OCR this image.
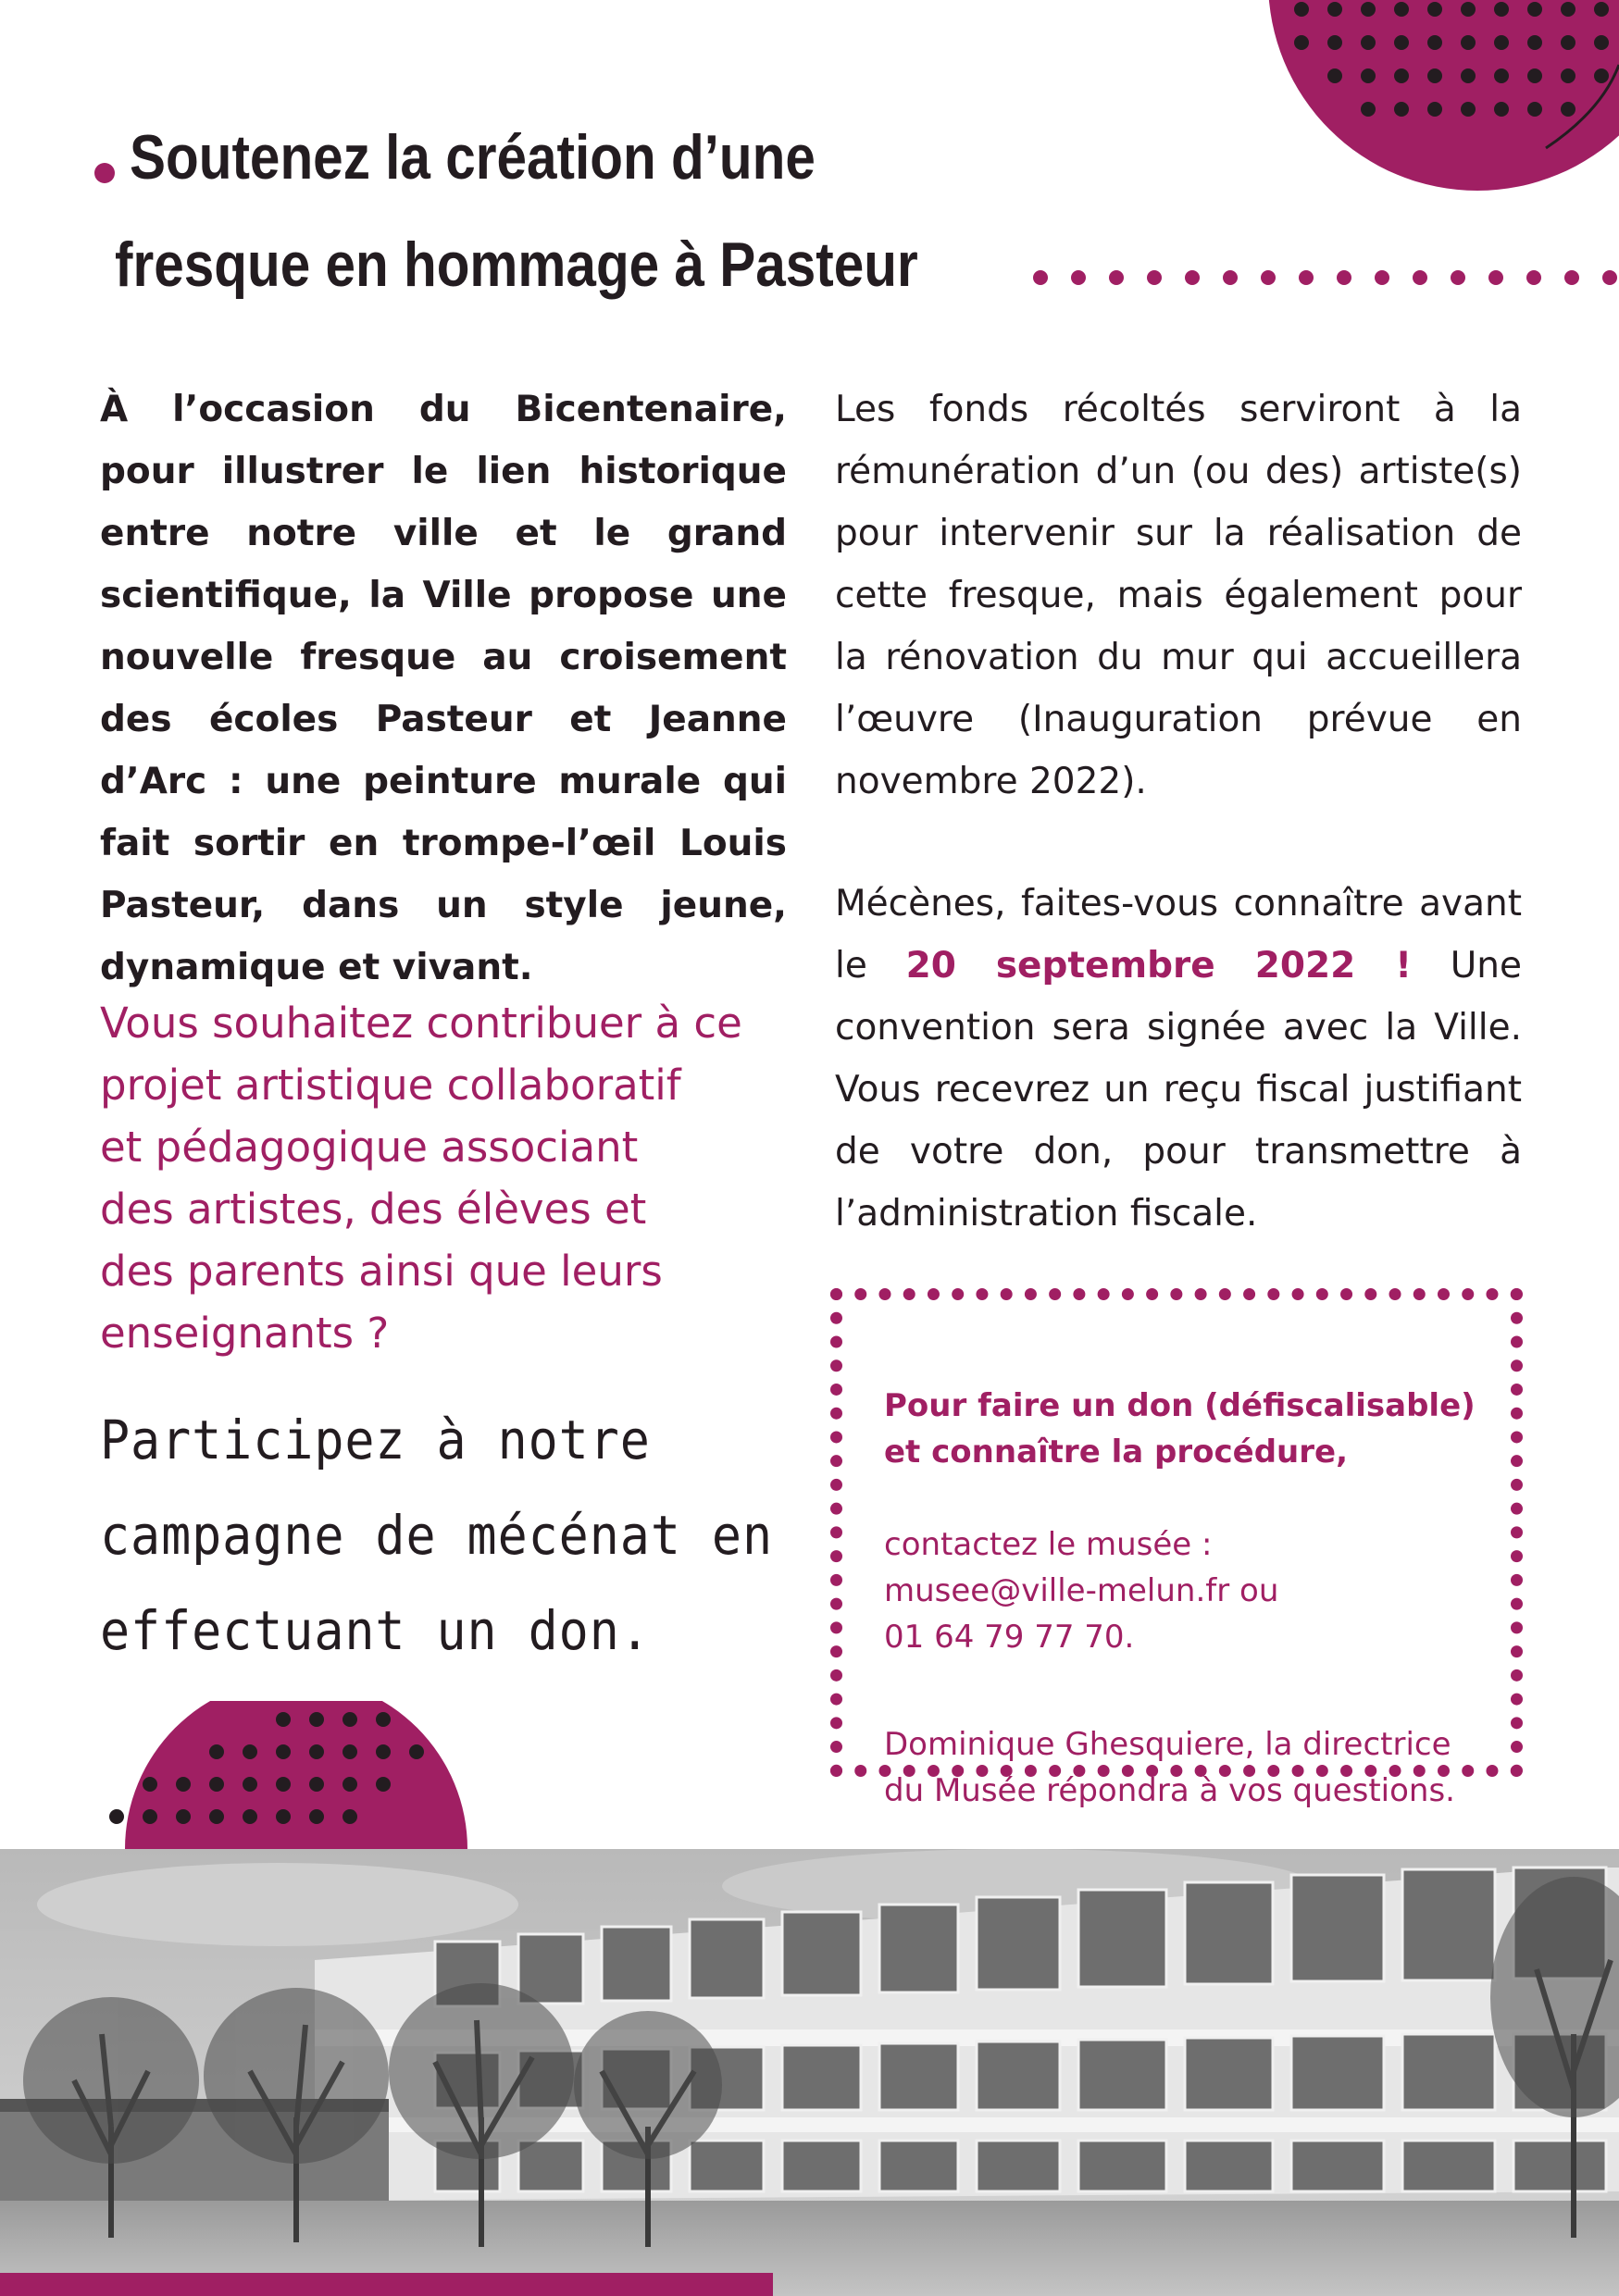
Soutenez la création d’une
fresque en hommage à Pasteur
À l’occasion du Bicentenaire, pour illustrer le lien historique entre notre ville et le grand scientifique, la Ville propose une nouvelle fresque au croisement des écoles Pasteur et Jeanne d’Arc : une peinture murale qui fait sortir en trompe-l’œil Louis Pasteur, dans un style jeune, dynamique et vivant.
Vous souhaitez contribuer à ce
projet artistique collaboratif
et pédagogique associant
des artistes, des élèves et
des parents ainsi que leurs
enseignants ?
Participez à notre
campagne de mécénat en
effectuant un don.
Les fonds récoltés serviront à la rémunération d’un (ou des) artiste(s) pour intervenir sur la réalisation de cette fresque, mais également pour la rénovation du mur qui accueillera l’œuvre (Inauguration prévue en novembre 2022).
Mécènes, faites-vous connaître avant le 20 septembre 2022 ! Une convention sera signée avec la Ville. Vous recevrez un reçu fiscal justifiant de votre don, pour transmettre à l’administration fiscale.

Pour faire un don (défiscalisable)
et connaître la procédure,

contactez le musée :
musee@ville-melun.fr ou
01 64 79 77 70.

Dominique Ghesquiere, la directrice
du Musée répondra à vos questions.
